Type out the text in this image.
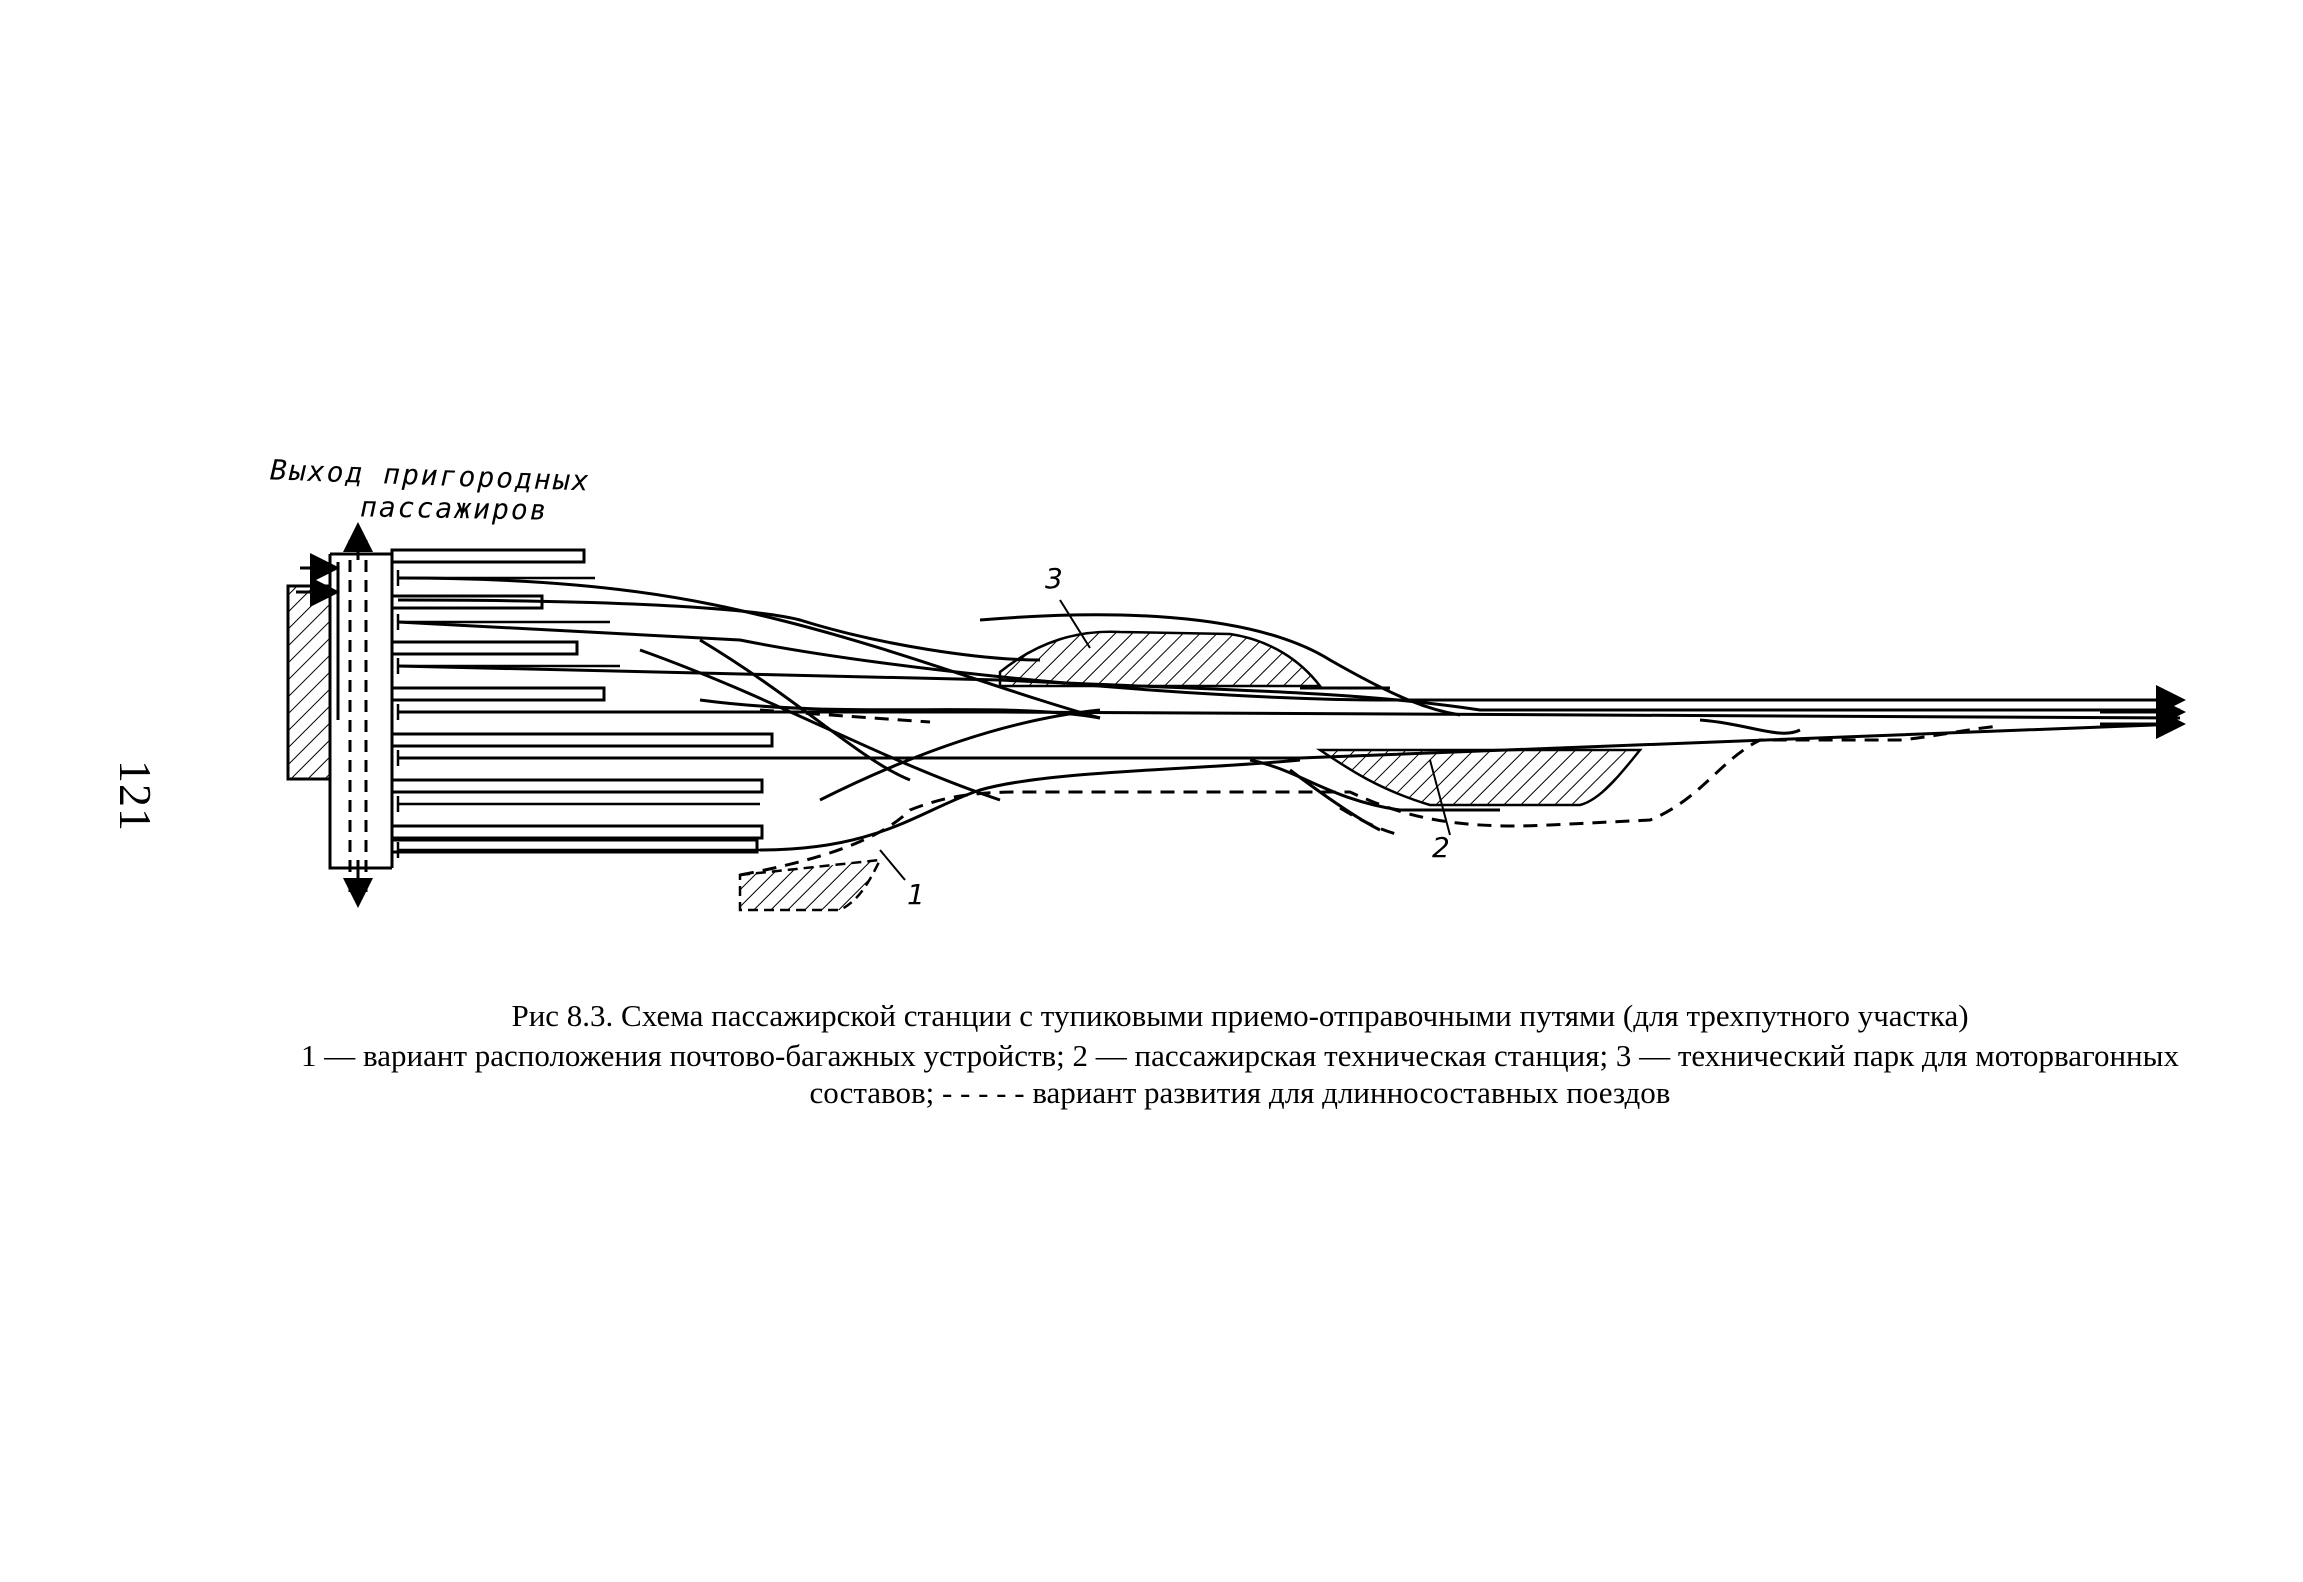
121
Выход пригородных
пассажиров
3
2
1
Рис 8.3. Схема пассажирской станции с тупиковыми приемо-отправочными путями (для трехпутного участка)
1 — вариант расположения почтово-багажных устройств; 2 — пассажирская техническая станция; 3 — технический парк для моторвагонных составов; - - - - - вариант развития для длинносоставных поездов
